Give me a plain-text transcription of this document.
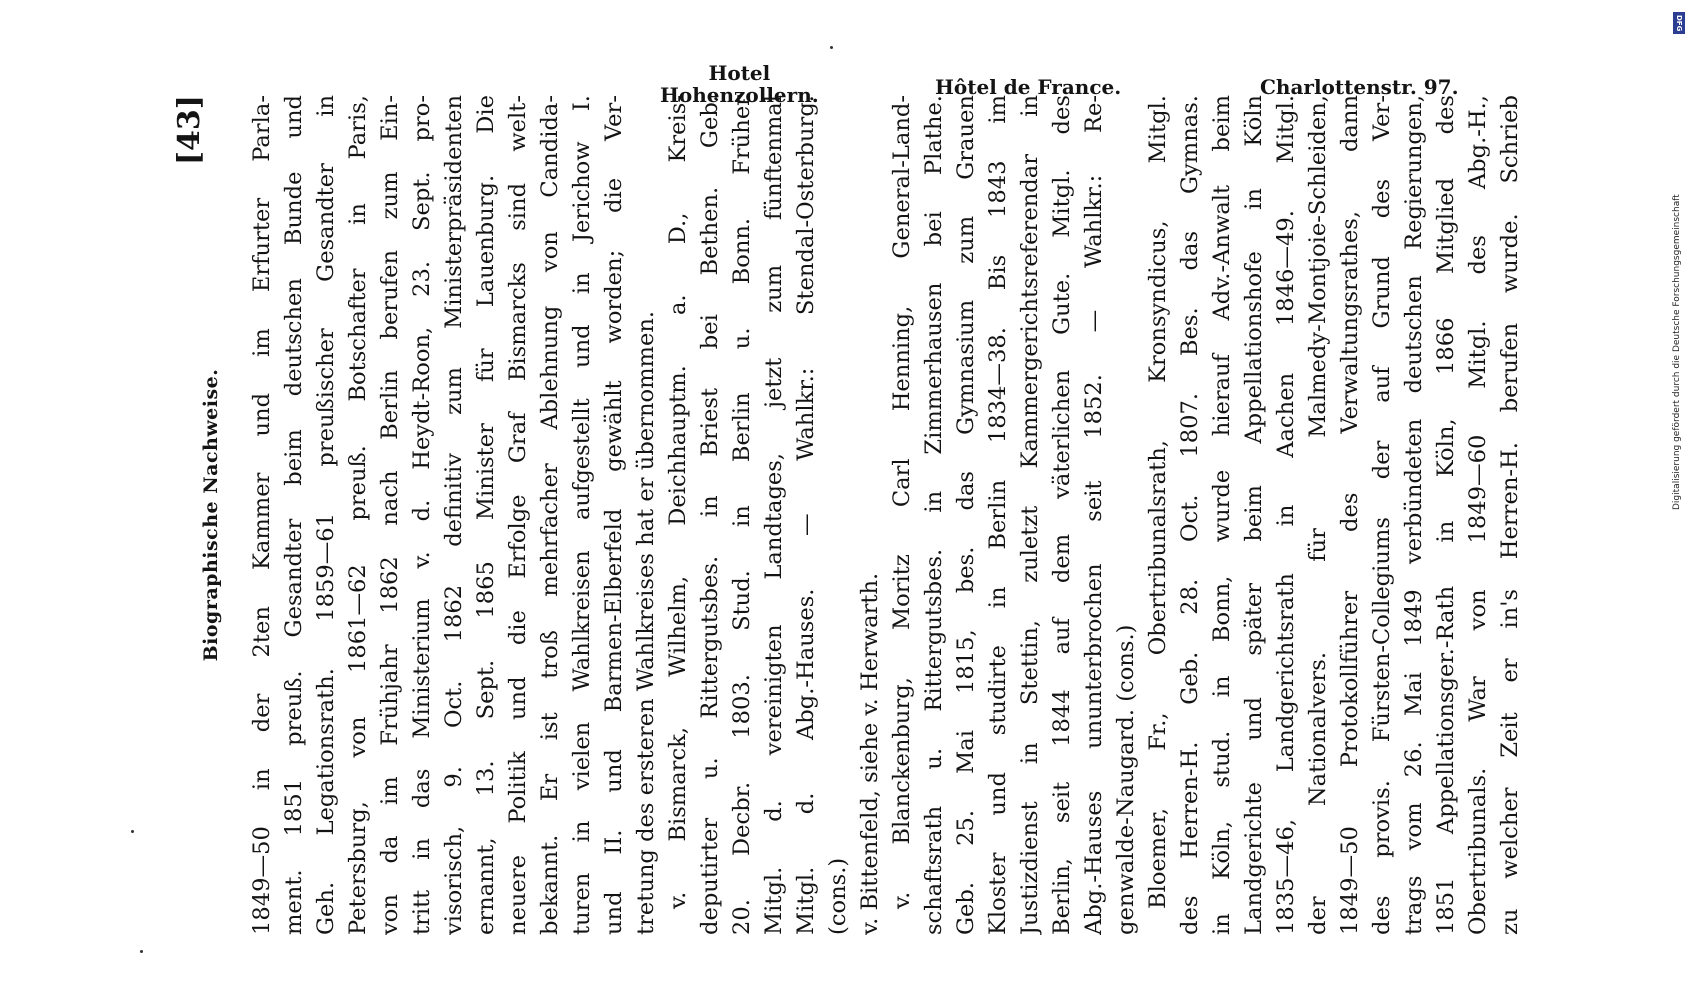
Biographische Nachweise.
[43] 1849—50 in der 2ten Kammer und im Erfurter Parla- ment. 1851 preuß. Gesandter beim deutschen Bunde und Geh. Legationsrath. 1859—61 preußischer Gesandter in Petersburg, von 1861—62 preuß. Botschafter in Paris, von da im Frühjahr 1862 nach Berlin berufen zum Ein- tritt in das Ministerium v. d. Heydt-Roon, 23. Sept. pro- visorisch, 9. Oct. 1862 definitiv zum Ministerpräsidenten ernannt, 13. Sept. 1865 Minister für Lauenburg. Die neuere Politik und die Erfolge Graf Bismarcks sind welt- bekannt. Er ist troß mehrfacher Ablehnung von Candida- turen in vielen Wahlkreisen aufgestellt und in Jerichow I. und II. und Barmen-Elberfeld gewählt worden; die Ver- tretung des ersteren Wahlkreises hat er übernommen. v. Bismarck, Wilhelm, Deichhauptm. a. D., Kreis- deputirter u. Rittergutsbes. in Briest bei Bethen. Geb. 20. Decbr. 1803. Stud. in Berlin u. Bonn. Früher Mitgl. d. vereinigten Landtages, jetzt zum fünftenmal Mitgl. d. Abg.-Hauses. — Wahlkr.: Stendal-Osterburg. (cons.) v. Bittenfeld, siehe v. Herwarth. v. Blanckenburg, Moritz Carl Henning, General-Land- schaftsrath u. Rittergutsbes. in Zimmerhausen bei Plathe. Geb. 25. Mai 1815, bes. das Gymnasium zum Grauen Kloster und studirte in Berlin 1834—38. Bis 1843 im Justizdienst in Stettin, zuletzt Kammergerichtsreferendar in Berlin, seit 1844 auf dem väterlichen Gute. Mitgl. des Abg.-Hauses ununterbrochen seit 1852. — Wahlkr.: Re- genwalde-Naugard. (cons.) Bloemer, Fr., Obertribunalsrath, Kronsyndicus, Mitgl. des Herren-H. Geb. 28. Oct. 1807. Bes. das Gymnas. in Köln, stud. in Bonn, wurde hierauf Adv.-Anwalt beim Landgerichte und später beim Appellationshofe in Köln 1835—46, Landgerichtsrath in Aachen 1846—49. Mitgl. der Nationalvers. für Malmedy-Montjoie-Schleiden, 1849—50 Protokollführer des Verwaltungsrathes, dann des provis. Fürsten-Collegiums der auf Grund des Ver- trags vom 26. Mai 1849 verbündeten deutschen Regierungen, 1851 Appellationsger.-Rath in Köln, 1866 Mitglied des Obertribunals. War von 1849—60 Mitgl. des Abg.-H., zu welcher Zeit er in's Herren-H. berufen wurde. Schrieb
Hotel
Hohenzollern.	Hôtel de France.	Charlottenstr. 97.
DFG
Digitalisierung gefördert durch die Deutsche Forschungsgemeinschaft
